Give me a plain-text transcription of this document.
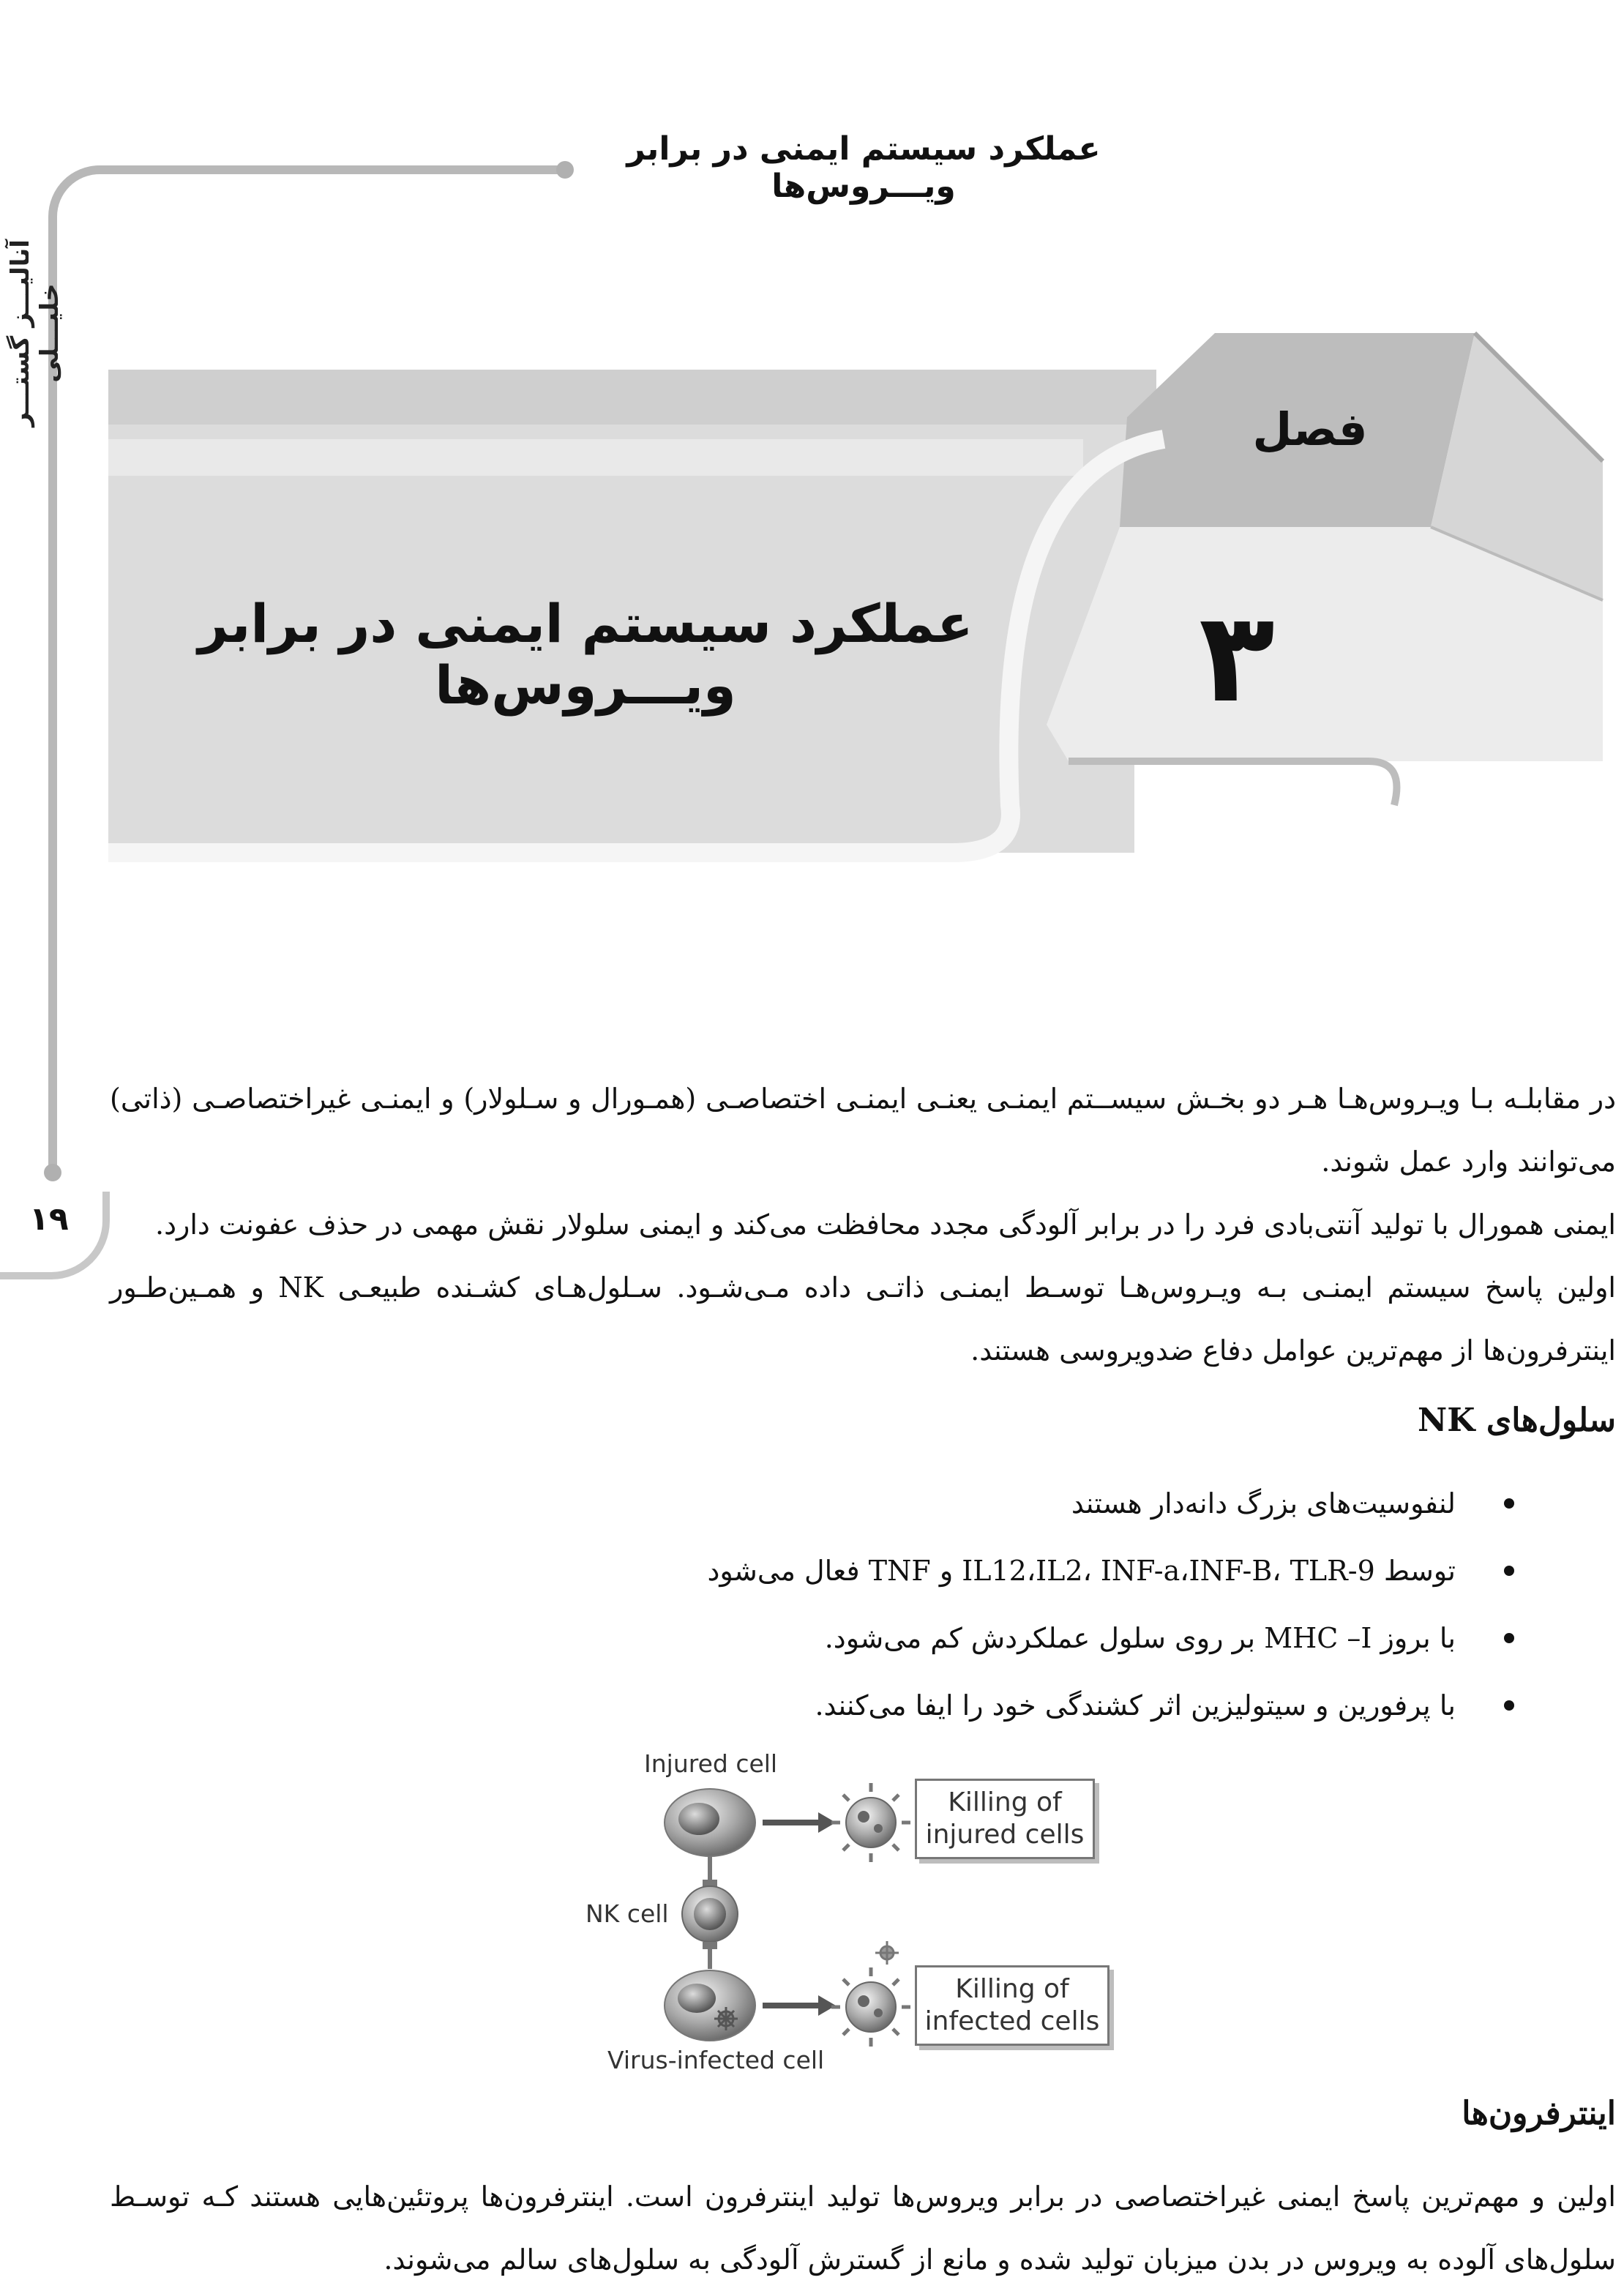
عملکرد سیستم ایمنی در برابر ویـــروس‌ها
آنالیـــز گستـــر خلیـــلی
۱۹
فصل
۳
عملکرد سیستم ایمنی در برابر ویـــروس‌ها

در مقابلـه بـا ویـروس‌هـا هـر دو بخـش سیســتم ایمنـی یعنـی ایمنـی اختصاصـی (همـورال و سـلولار) و ایمنـی غیراختصاصـی (ذاتی) می‌توانند وارد عمل شوند.

ایمنی همورال با تولید آنتی‌بادی فرد را در برابر آلودگی مجدد محافظت می‌کند و ایمنی سلولار نقش مهمی در حذف عفونت دارد.

اولین پاسخ سیستم ایمنـی بـه ویـروس‌هـا توسـط ایمنـی ذاتـی داده مـی‌شـود. سـلول‌هـای کشـنده طبیعـی NK و همـین‌طـور اینترفرون‌ها از مهم‌ترین عوامل دفاع ضدویروسی هستند.

سلول‌های NK
لنفوسیت‌های بزرگ دانه‌دار هستند
توسط IL12،IL2، INF-a،INF-B، TLR-9 و TNF فعال می‌شود
با بروز MHC –I بر روی سلول عملکردش کم می‌شود.
با پرفورین و سیتولیزین اثر کشندگی خود را ایفا می‌کنند.
Injured cell
NK cell
Virus-infected cell
Killing of
injured cells
Killing of
infected cells
اینترفرون‌ها

اولین و مهم‌ترین پاسخ ایمنی غیراختصاصی در برابر ویروس‌ها تولید اینترفرون است. اینترفرون‌ها پروتئین‌هایی هستند کـه توسـط سلول‌های آلوده به ویروس در بدن میزبان تولید شده و مانع از گسترش آلودگی به سلول‌های سالم می‌شوند.
